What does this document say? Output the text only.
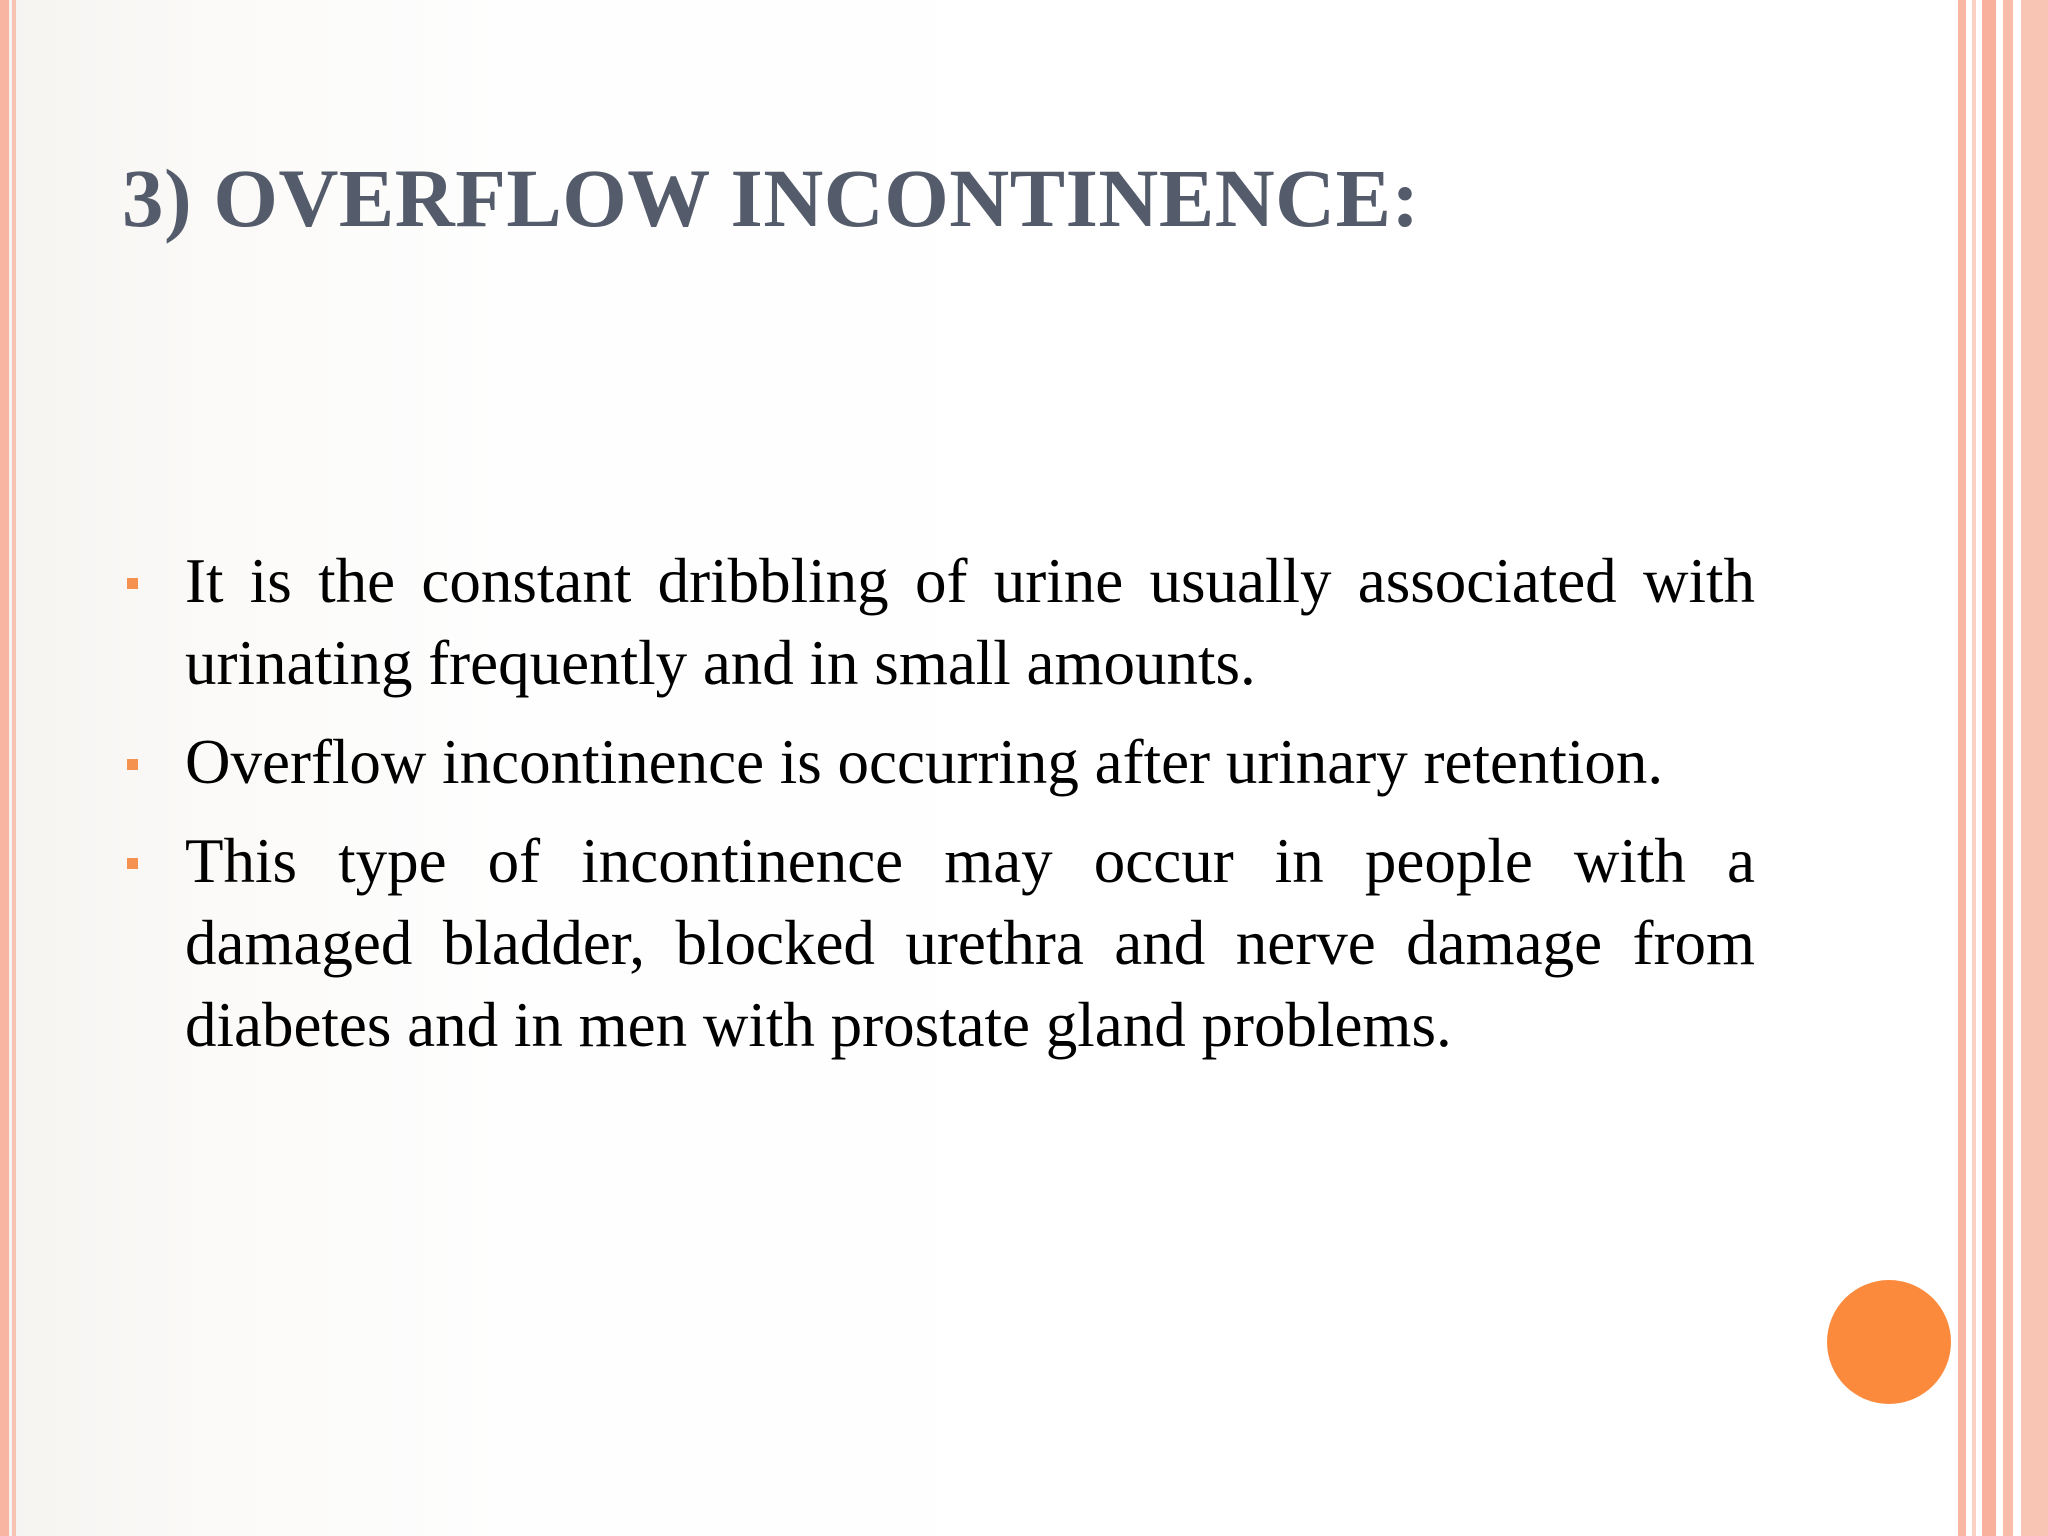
3) OVERFLOW INCONTINENCE:
It is the constant dribbling of urine usually associated with urinating frequently and in small amounts.
Overflow incontinence is occurring after urinary retention.
This type of incontinence may occur in people with a damaged bladder, blocked urethra and nerve damage from diabetes and in men with prostate gland problems.
